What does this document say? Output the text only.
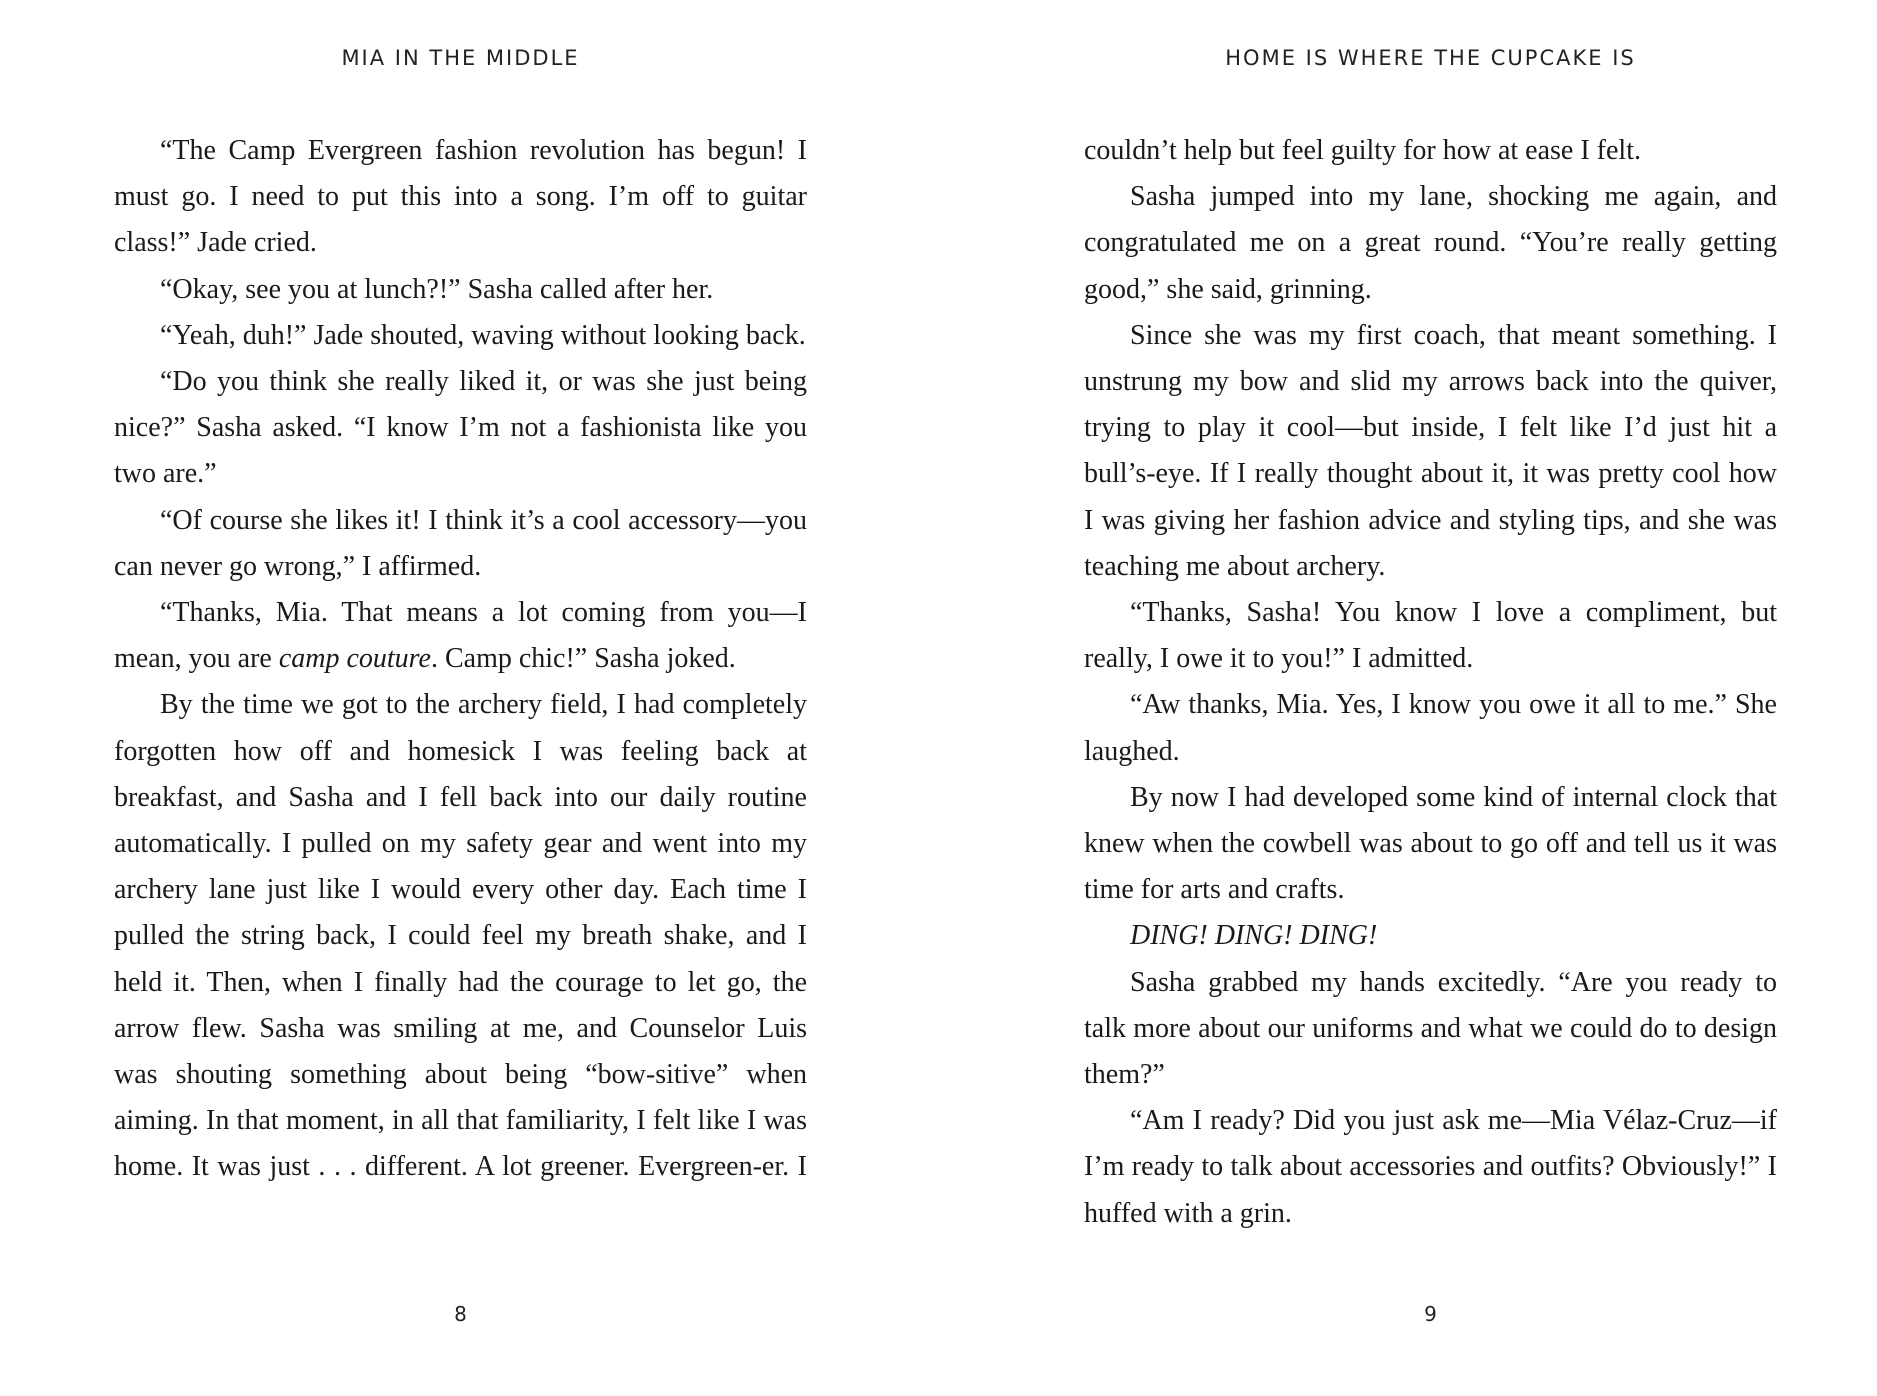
MIA IN THE MIDDLE

“The Camp Evergreen fashion revolution has begun! I must go. I need to put this into a song. I’m off to guitar class!” Jade cried.

“Okay, see you at lunch?!” Sasha called after her.

“Yeah, duh!” Jade shouted, waving without looking back.

“Do you think she really liked it, or was she just being nice?” Sasha asked. “I know I’m not a fashionista like you two are.”

“Of course she likes it! I think it’s a cool accessory—you can never go wrong,” I affirmed.

“Thanks, Mia. That means a lot coming from you—I mean, you are camp couture. Camp chic!” Sasha joked.

By the time we got to the archery field, I had completely forgotten how off and homesick I was feeling back at breakfast, and Sasha and I fell back into our daily routine automatically. I pulled on my safety gear and went into my archery lane just like I would every other day. Each time I pulled the string back, I could feel my breath shake, and I held it. Then, when I finally had the courage to let go, the arrow flew. Sasha was smiling at me, and Counselor Luis was shouting something about being “bow-sitive” when aiming. In that moment, in all that familiarity, I felt like I was home. It was just . . . different. A lot greener. Evergreen-er. I

8
HOME IS WHERE THE CUPCAKE IS

couldn’t help but feel guilty for how at ease I felt.

Sasha jumped into my lane, shocking me again, and congratulated me on a great round. “You’re really getting good,” she said, grinning.

Since she was my first coach, that meant something. I unstrung my bow and slid my arrows back into the quiver, trying to play it cool—but inside, I felt like I’d just hit a bull’s-eye. If I really thought about it, it was pretty cool how I was giving her fashion advice and styling tips, and she was teaching me about archery.

“Thanks, Sasha! You know I love a compliment, but really, I owe it to you!” I admitted.

“Aw thanks, Mia. Yes, I know you owe it all to me.” She laughed.

By now I had developed some kind of internal clock that knew when the cowbell was about to go off and tell us it was time for arts and crafts.

DING! DING! DING!

Sasha grabbed my hands excitedly. “Are you ready to talk more about our uniforms and what we could do to design them?”

“Am I ready? Did you just ask me—Mia Vélaz-Cruz—if I’m ready to talk about accessories and outfits? Obviously!” I huffed with a grin.

9
